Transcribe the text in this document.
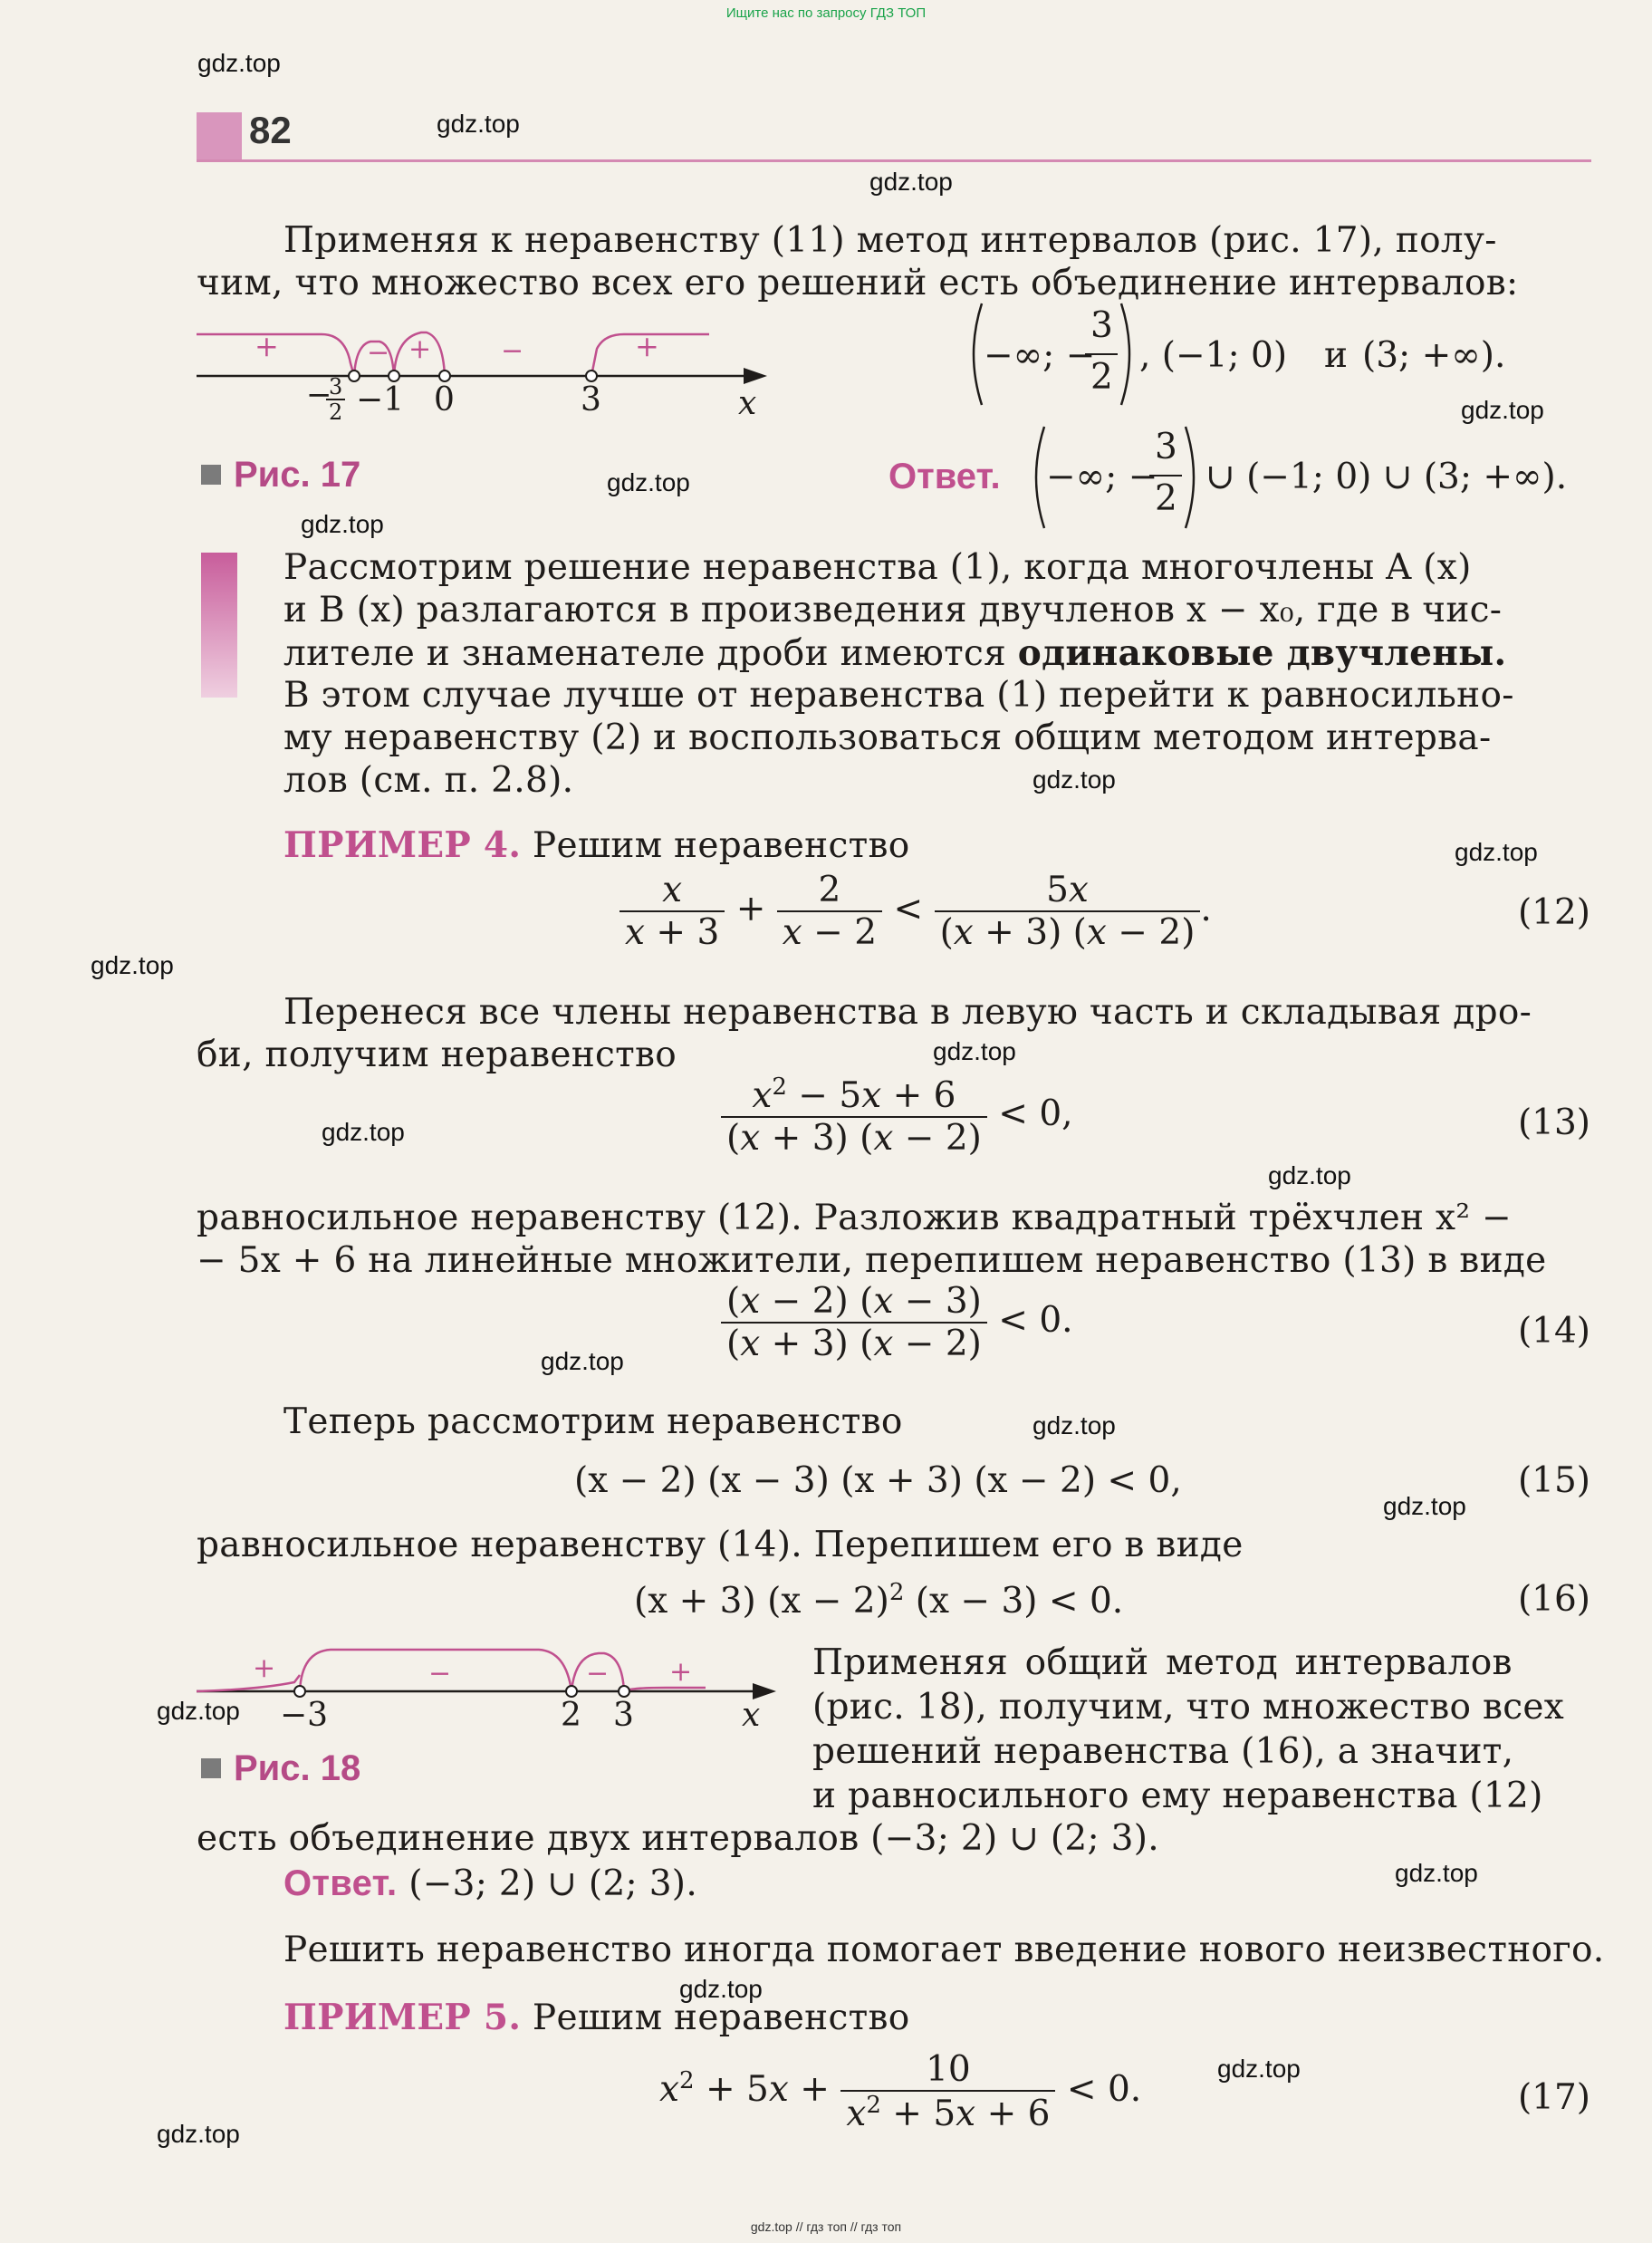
Ищите нас по запросу ГДЗ ТОП
82
Применяя к неравенству (11) метод интервалов (рис. 17), полу-
чим, что множество всех его решений есть объединение интервалов:
+	− +	−	+
−
3
2 −1 0	3	x
−∞; −
3
2
, (−1; 0) и (3; +∞).
Рис. 17	Ответ. −∞; −
3
2
∪ (−1; 0) ∪ (3; +∞).
Рассмотрим решение неравенства (1), когда многочлены A (x)
и B (x) разлагаются в произведения двучленов x − x₀, где в чис-
лителе и знаменателе дроби имеются одинаковые двучлены.
В этом случае лучше от неравенства (1) перейти к равносильно-
му неравенству (2) и воспользоваться общим методом интерва-
лов (см. п. 2.8).
ПРИМЕР 4. Решим неравенство
$\frac{x}{x + 3} + \frac{2}{x - 2} < \frac{5x}{(x + 3) (x - 2)}$ .	(12)
Перенеся все члены неравенства в левую часть и складывая дро-
би, получим неравенство
$\frac{x^2 - 5x + 6}{(x + 3) (x - 2)} < 0$,	(13)
равносильное неравенству (12). Разложив квадратный трёхчлен x² −
− 5x + 6 на линейные множители, перепишем неравенство (13) в виде
$\frac{(x - 2) (x - 3)}{(x + 3) (x - 2)} < 0$.	(14)
Теперь рассмотрим неравенство
(x − 2) (x − 3) (x + 3) (x − 2) < 0,	(15)
равносильное неравенству (14). Перепишем его в виде
(x + 3) $(x - 2)^2$ (x − 3) < 0.	(16)
+	−	− +
−3	2 3	x
Применяя общий метод интервалов
(рис. 18), получим, что множество всех
решений неравенства (16), а значит,
и равносильного ему неравенства (12)
Рис. 18
есть объединение двух интервалов (−3; 2) ∪ (2; 3).
Ответ. (−3; 2) ∪ (2; 3).
Решить неравенство иногда помогает введение нового неизвестного.
ПРИМЕР 5. Решим неравенство
$x^2 + 5x + \frac{10}{x^2 + 5x + 6} < 0$.	(17)
gdz.top
gdz.top
gdz.top
gdz.top
gdz.top
gdz.top
gdz.top
gdz.top
gdz.top
gdz.top
gdz.top
gdz.top
gdz.top
gdz.top
gdz.top
gdz.top
gdz.top
gdz.top
gdz.top
gdz.top
gdz.top // гдз топ // гдз топ
